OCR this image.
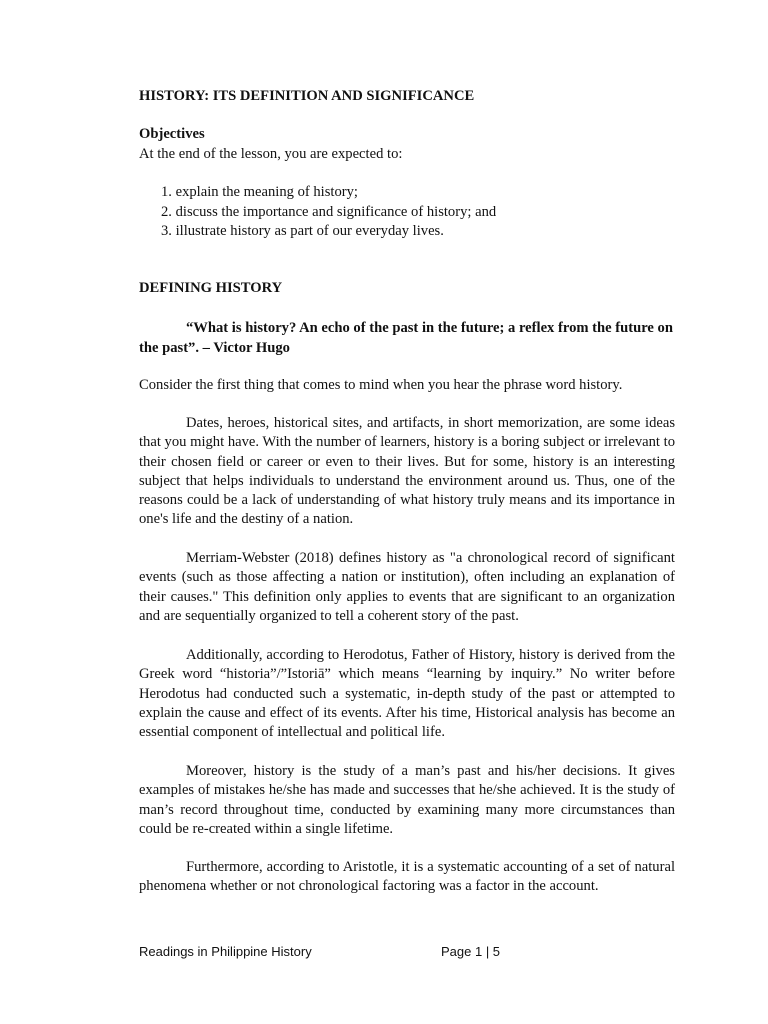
HISTORY: ITS DEFINITION AND SIGNIFICANCE
Objectives
At the end of the lesson, you are expected to:
1. explain the meaning of history;
2. discuss the importance and significance of history; and
3. illustrate history as part of our everyday lives.
DEFINING HISTORY

“What is history? An echo of the past in the future; a reflex from the future on the past”. – Victor Hugo

Consider the first thing that comes to mind when you hear the phrase word history.

Dates, heroes, historical sites, and artifacts, in short memorization, are some ideas that you might have. With the number of learners, history is a boring subject or irrelevant to their chosen field or career or even to their lives. But for some, history is an interesting subject that helps individuals to understand the environment around us. Thus, one of the reasons could be a lack of understanding of what history truly means and its importance in one's life and the destiny of a nation.

Merriam-Webster (2018) defines history as "a chronological record of significant events (such as those affecting a nation or institution), often including an explanation of their causes." This definition only applies to events that are significant to an organization and are sequentially organized to tell a coherent story of the past.

Additionally, according to Herodotus, Father of History, history is derived from the Greek word “historia”/”Istoriā” which means “learning by inquiry.” No writer before Herodotus had conducted such a systematic, in-depth study of the past or attempted to explain the cause and effect of its events. After his time, Historical analysis has become an essential component of intellectual and political life.

Moreover, history is the study of a man’s past and his/her decisions. It gives examples of mistakes he/she has made and successes that he/she achieved. It is the study of man’s record throughout time, conducted by examining many more circumstances than could be re-created within a single lifetime.

Furthermore, according to Aristotle, it is a systematic accounting of a set of natural phenomena whether or not chronological factoring was a factor in the account.

Readings in Philippine History	Page 1 | 5
